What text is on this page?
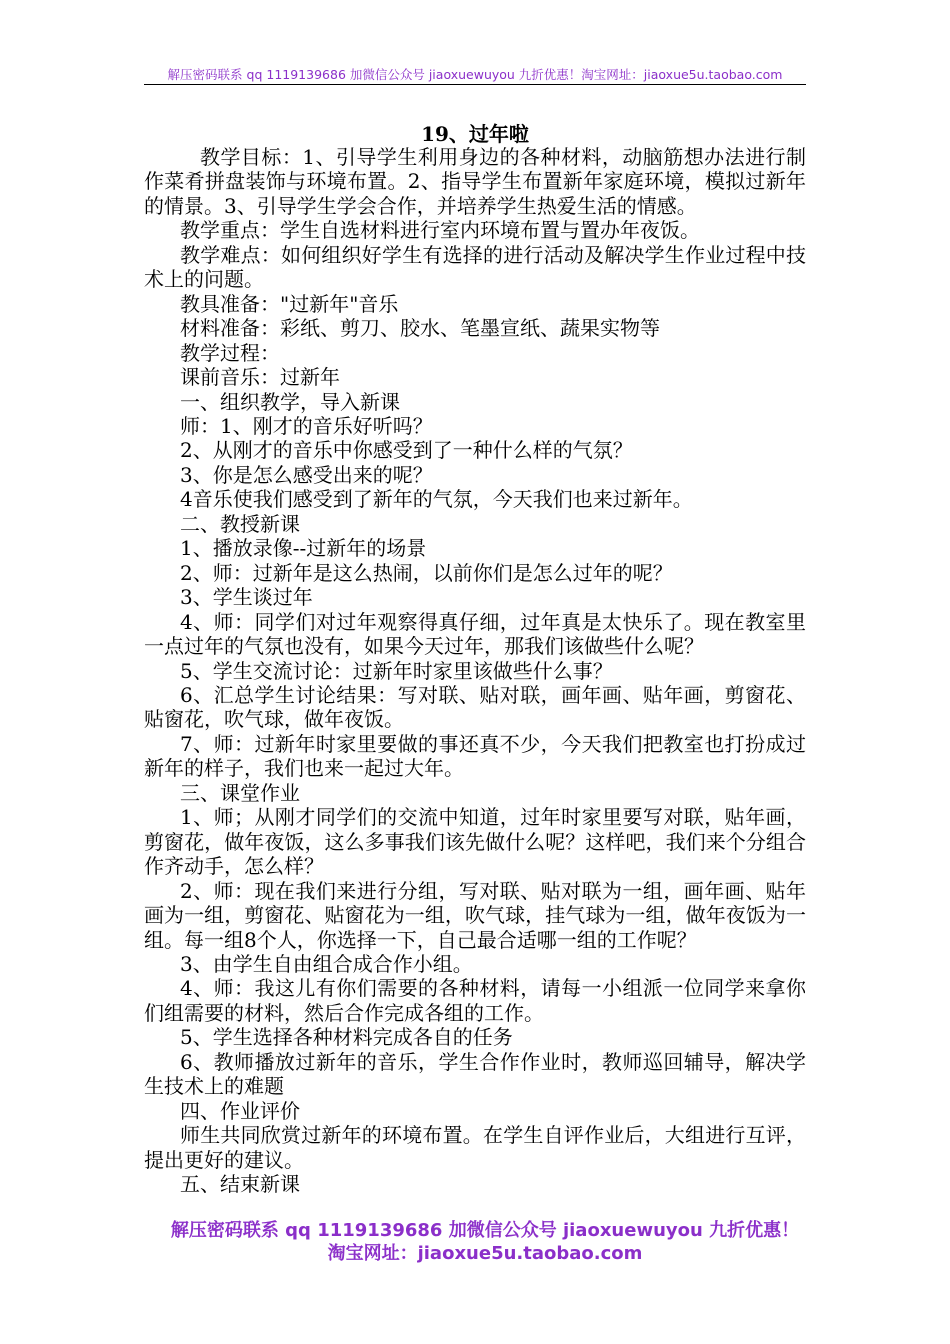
解压密码联系 qq 1119139686 加微信公众号 jiaoxuewuyou 九折优惠！淘宝网址：jiaoxue5u.taobao.com
19、过年啦

教学目标：1、引导学生利用身边的各种材料，动脑筋想办法进行制作菜肴拼盘装饰与环境布置。2、指导学生布置新年家庭环境，模拟过新年的情景。3、引导学生学会合作，并培养学生热爱生活的情感。

教学重点：学生自选材料进行室内环境布置与置办年夜饭。

教学难点：如何组织好学生有选择的进行活动及解决学生作业过程中技术上的问题。

教具准备："过新年"音乐

材料准备：彩纸、剪刀、胶水、笔墨宣纸、蔬果实物等

教学过程：

课前音乐：过新年

一、组织教学，导入新课

师：1、刚才的音乐好听吗？

2、从刚才的音乐中你感受到了一种什么样的气氛？

3、你是怎么感受出来的呢？

4音乐使我们感受到了新年的气氛，今天我们也来过新年。

二、教授新课

1、播放录像--过新年的场景

2、师：过新年是这么热闹，以前你们是怎么过年的呢？

3、学生谈过年

4、师：同学们对过年观察得真仔细，过年真是太快乐了。现在教室里一点过年的气氛也没有，如果今天过年，那我们该做些什么呢？

5、学生交流讨论：过新年时家里该做些什么事？

6、汇总学生讨论结果：写对联、贴对联，画年画、贴年画，剪窗花、贴窗花，吹气球，做年夜饭。

7、师：过新年时家里要做的事还真不少，今天我们把教室也打扮成过新年的样子，我们也来一起过大年。

三、课堂作业

1、师；从刚才同学们的交流中知道，过年时家里要写对联，贴年画，剪窗花，做年夜饭，这么多事我们该先做什么呢？这样吧，我们来个分组合作齐动手，怎么样？

2、师：现在我们来进行分组，写对联、贴对联为一组，画年画、贴年画为一组，剪窗花、贴窗花为一组，吹气球，挂气球为一组，做年夜饭为一组。每一组8个人，你选择一下，自己最合适哪一组的工作呢？

3、由学生自由组合成合作小组。

4、师：我这儿有你们需要的各种材料，请每一小组派一位同学来拿你们组需要的材料，然后合作完成各组的工作。

5、学生选择各种材料完成各自的任务

6、教师播放过新年的音乐，学生合作作业时，教师巡回辅导，解决学生技术上的难题

四、作业评价

师生共同欣赏过新年的环境布置。在学生自评作业后，大组进行互评，提出更好的建议。

五、结束新课

解压密码联系 qq 1119139686 加微信公众号 jiaoxuewuyou 九折优惠！
淘宝网址：jiaoxue5u.taobao.com
